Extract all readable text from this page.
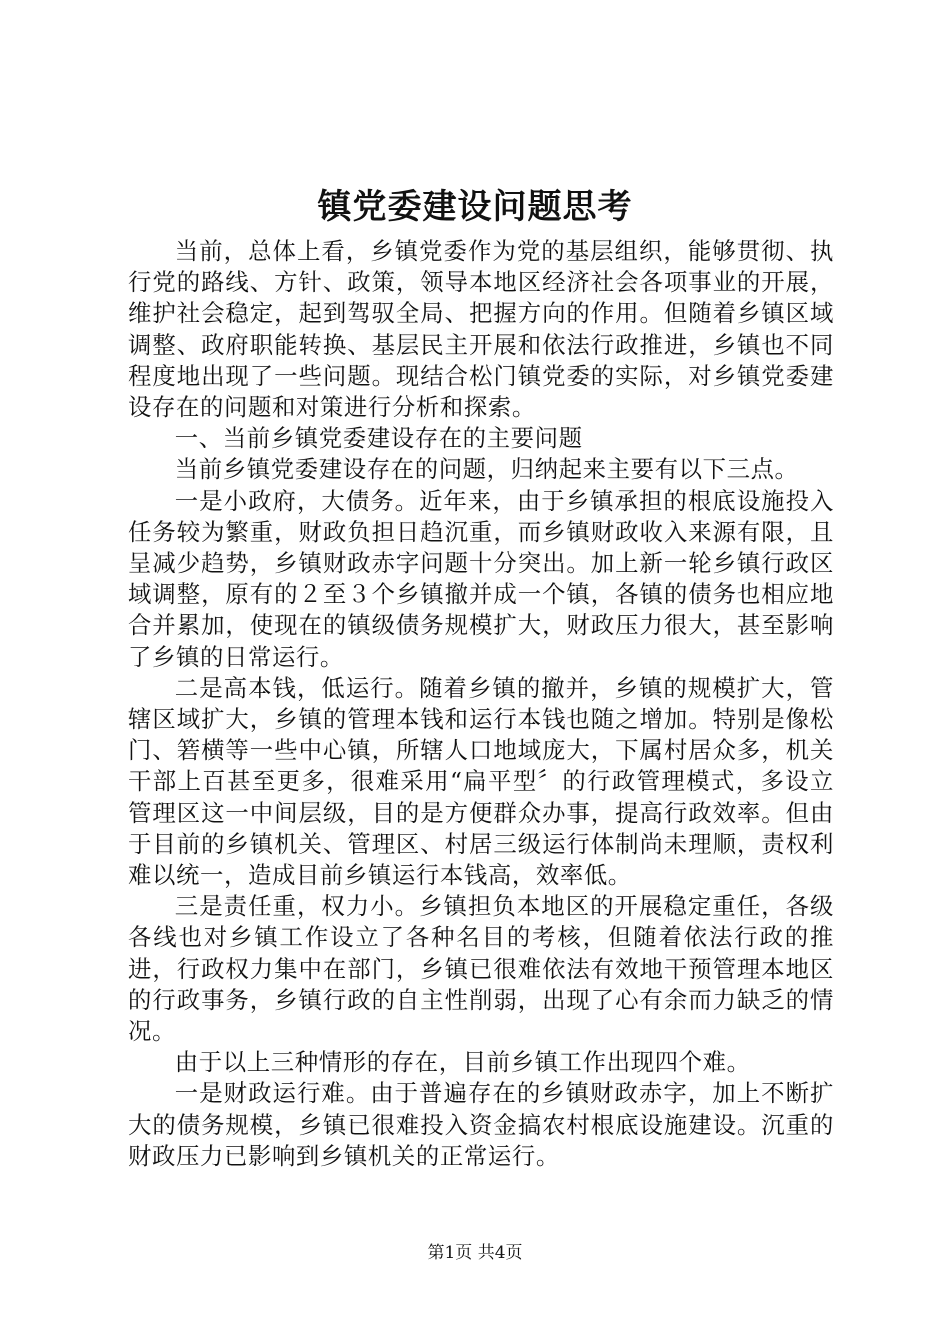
镇党委建设问题思考

当前，总体上看，乡镇党委作为党的基层组织，能够贯彻、执行党的路线、方针、政策，领导本地区经济社会各项事业的开展，维护社会稳定，起到驾驭全局、把握方向的作用。但随着乡镇区域调整、政府职能转换、基层民主开展和依法行政推进，乡镇也不同程度地出现了一些问题。现结合松门镇党委的实际，对乡镇党委建设存在的问题和对策进行分析和探索。

一、当前乡镇党委建设存在的主要问题

当前乡镇党委建设存在的问题，归纳起来主要有以下三点。

一是小政府，大债务。近年来，由于乡镇承担的根底设施投入任务较为繁重，财政负担日趋沉重，而乡镇财政收入来源有限，且呈减少趋势，乡镇财政赤字问题十分突出。加上新一轮乡镇行政区域调整，原有的２至３个乡镇撤并成一个镇，各镇的债务也相应地合并累加，使现在的镇级债务规模扩大，财政压力很大，甚至影响了乡镇的日常运行。

二是高本钱，低运行。随着乡镇的撤并，乡镇的规模扩大，管辖区域扩大，乡镇的管理本钱和运行本钱也随之增加。特别是像松门、箬横等一些中心镇，所辖人口地域庞大，下属村居众多，机关干部上百甚至更多，很难采用“扁平型〞的行政管理模式，多设立管理区这一中间层级，目的是方便群众办事，提高行政效率。但由于目前的乡镇机关、管理区、村居三级运行体制尚未理顺，责权利难以统一，造成目前乡镇运行本钱高，效率低。

三是责任重，权力小。乡镇担负本地区的开展稳定重任，各级各线也对乡镇工作设立了各种名目的考核，但随着依法行政的推进，行政权力集中在部门，乡镇已很难依法有效地干预管理本地区的行政事务，乡镇行政的自主性削弱，出现了心有余而力缺乏的情况。

由于以上三种情形的存在，目前乡镇工作出现四个难。

一是财政运行难。由于普遍存在的乡镇财政赤字，加上不断扩大的债务规模，乡镇已很难投入资金搞农村根底设施建设。沉重的财政压力已影响到乡镇机关的正常运行。

第1页 共4页
